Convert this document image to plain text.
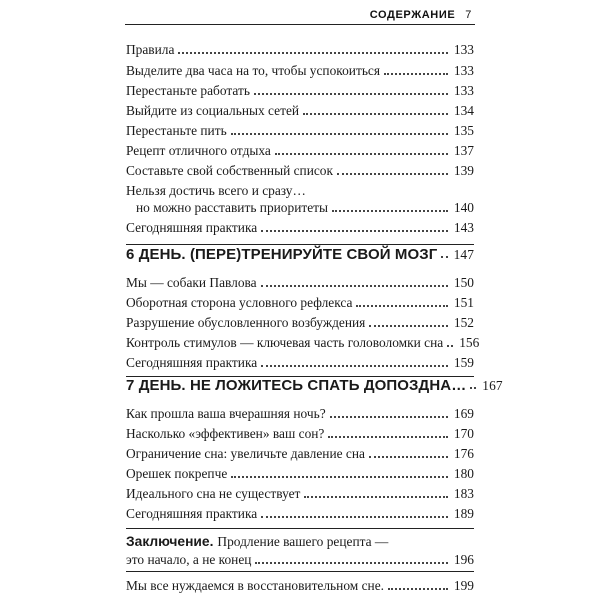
СОДЕРЖАНИЕ 7
Правила	133
Выделите два часа на то, чтобы успокоиться	133
Перестаньте работать	133
Выйдите из социальных сетей	134
Перестаньте пить	135
Рецепт отличного отдыха	137
Составьте свой собственный список	139
Нельзя достичь всего и сразу…
но можно расставить приоритеты	140
Сегодняшняя практика	143
6 ДЕНЬ. (ПЕРЕ)ТРЕНИРУЙТЕ СВОЙ МОЗГ 147
Мы — собаки Павлова	150
Оборотная сторона условного рефлекса	151
Разрушение обусловленного возбуждения	152
Контроль стимулов — ключевая часть головоломки сна 156
Сегодняшняя практика	159
7 ДЕНЬ. НЕ ЛОЖИТЕСЬ СПАТЬ ДОПОЗДНА… 167
Как прошла ваша вчерашняя ночь?	169
Насколько «эффективен» ваш сон?	170
Ограничение сна: увеличьте давление сна	176
Орешек покрепче	180
Идеального сна не существует	183
Сегодняшняя практика	189
Заключение. Продление вашего рецепта —
это начало, а не конец	196
Мы все нуждаемся в восстановительном сне.	199
